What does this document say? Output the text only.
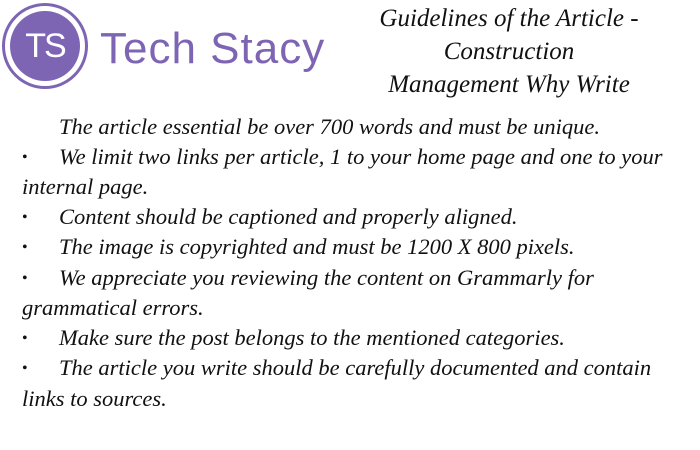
TS Tech Stacy
Guidelines of the Article -
Construction
Management Why Write

The article essential be over 700 words and must be unique.

• We limit two links per article, 1 to your home page and one to your internal page.
• Content should be captioned and properly aligned.
• The image is copyrighted and must be 1200 X 800 pixels.
• We appreciate you reviewing the content on Grammarly for grammatical errors.
• Make sure the post belongs to the mentioned categories.
• The article you write should be carefully documented and contain links to sources.
